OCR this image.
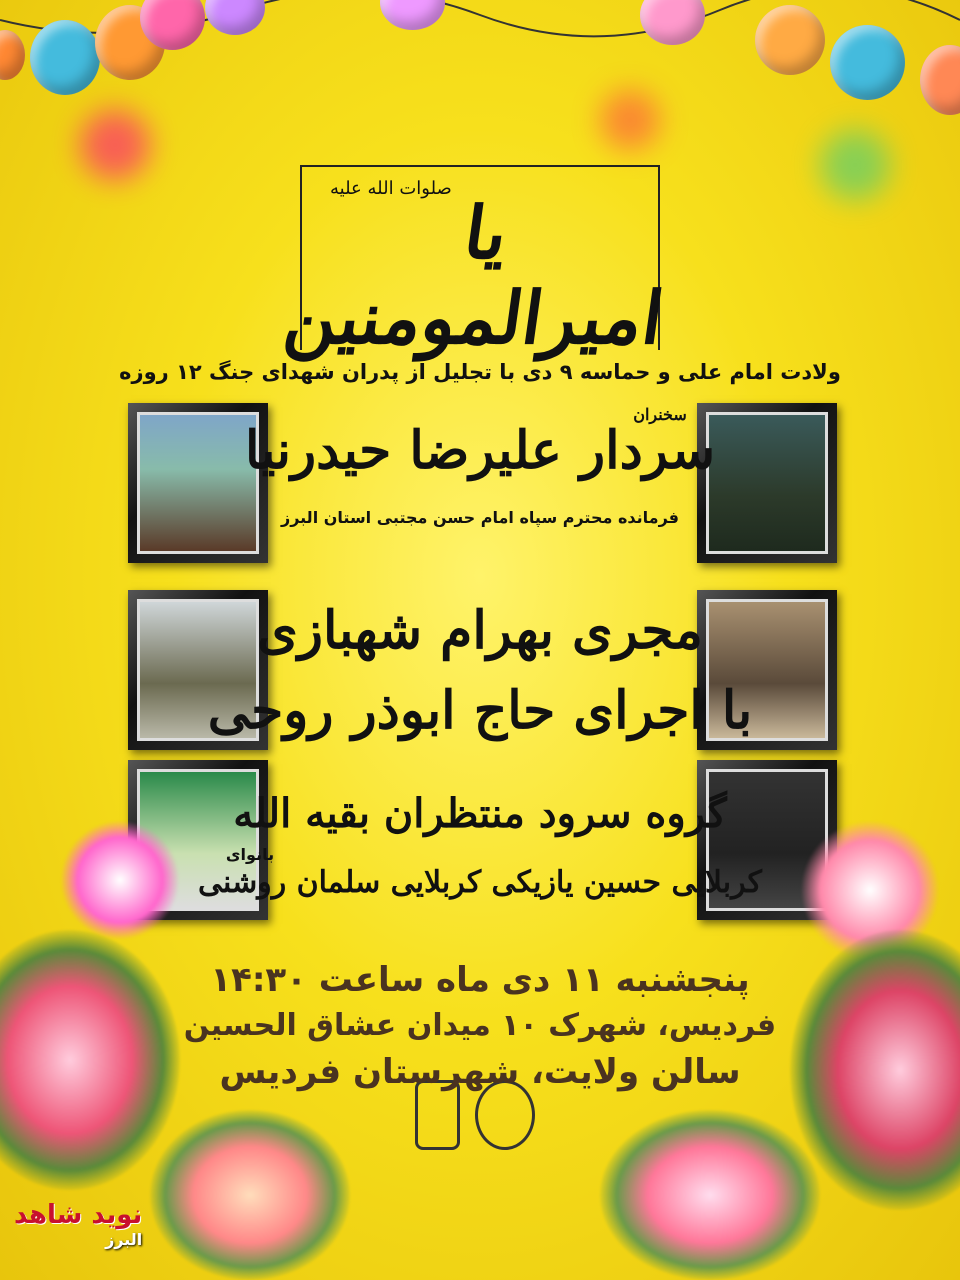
صلوات الله علیه
یا امیرالمومنین
ولادت امام علی و حماسه ۹ دی با تجلیل از پدران شهدای جنگ ۱۲ روزه
سخنران
سردار علیرضا حیدرنیا
فرمانده محترم سپاه امام حسن مجتبی استان البرز
مجری بهرام شهبازی
با اجرای حاج ابوذر روحی
گروه سرود منتظران بقیه الله
بانوای
کربلایی حسین یازیکی کربلایی سلمان روشنی
پنجشنبه ۱۱ دی ماه ساعت ۱۴:۳۰
فردیس، شهرک ۱۰ میدان عشاق الحسین
سالن ولایت، شهرستان فردیس
نوید شاهد
البرز
